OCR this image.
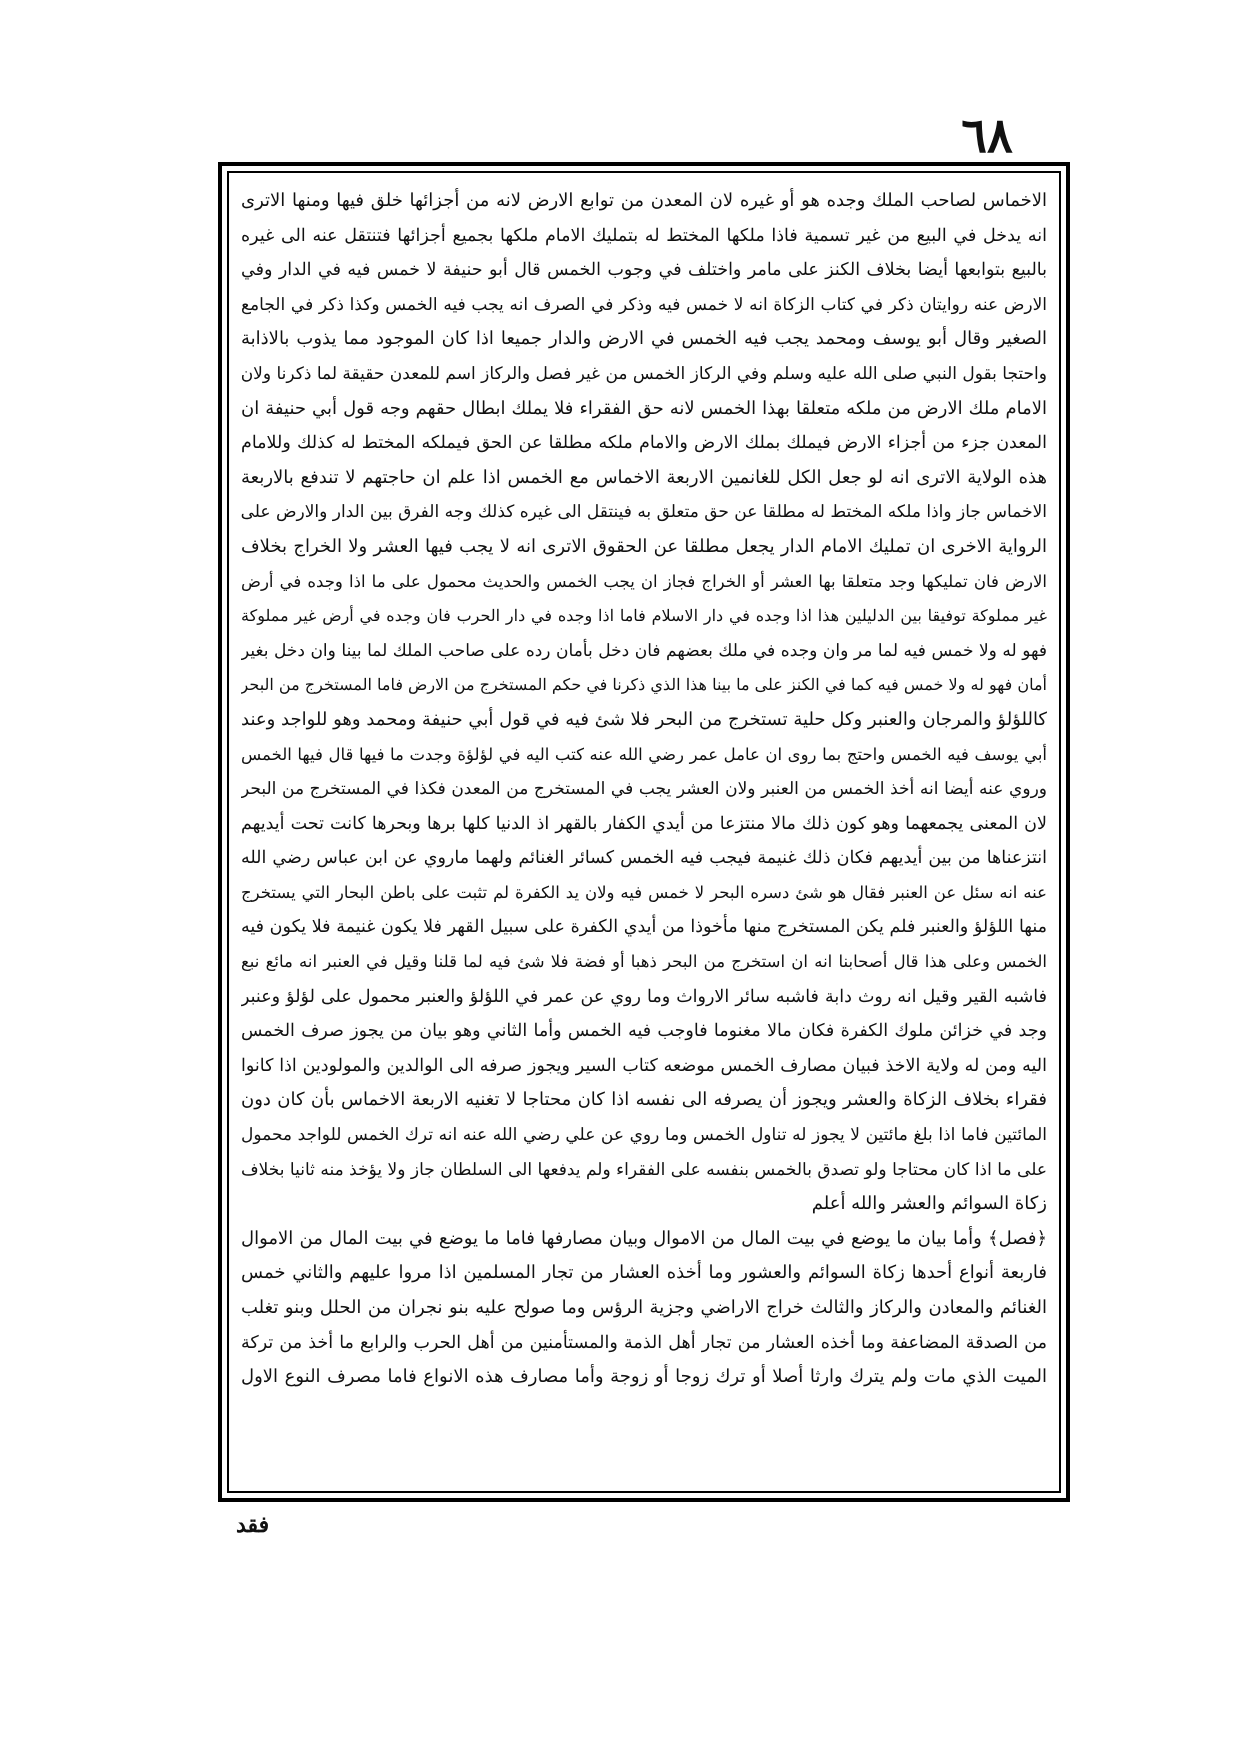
٦٨
الاخماس لصاحب الملك وجده هو أو غيره لان المعدن من توابع الارض لانه من أجزائها خلق فيها ومنها الاترى
انه يدخل في البيع من غير تسمية فاذا ملكها المختط له بتمليك الامام ملكها بجميع أجزائها فتنتقل عنه الى غيره
بالبيع بتوابعها أيضا بخلاف الكنز على مامر واختلف في وجوب الخمس قال أبو حنيفة لا خمس فيه في الدار وفي
الارض عنه روايتان ذكر في كتاب الزكاة انه لا خمس فيه وذكر في الصرف انه يجب فيه الخمس وكذا ذكر في الجامع
الصغير وقال أبو يوسف ومحمد يجب فيه الخمس في الارض والدار جميعا اذا كان الموجود مما يذوب بالاذابة
واحتجا بقول النبي صلى الله عليه وسلم وفي الركاز الخمس من غير فصل والركاز اسم للمعدن حقيقة لما ذكرنا ولان
الامام ملك الارض من ملكه متعلقا بهذا الخمس لانه حق الفقراء فلا يملك ابطال حقهم وجه قول أبي حنيفة ان
المعدن جزء من أجزاء الارض فيملك بملك الارض والامام ملكه مطلقا عن الحق فيملكه المختط له كذلك وللامام
هذه الولاية الاترى انه لو جعل الكل للغانمين الاربعة الاخماس مع الخمس اذا علم ان حاجتهم لا تندفع بالاربعة
الاخماس جاز واذا ملكه المختط له مطلقا عن حق متعلق به فينتقل الى غيره كذلك وجه الفرق بين الدار والارض على
الرواية الاخرى ان تمليك الامام الدار يجعل مطلقا عن الحقوق الاترى انه لا يجب فيها العشر ولا الخراج بخلاف
الارض فان تمليكها وجد متعلقا بها العشر أو الخراج فجاز ان يجب الخمس والحديث محمول على ما اذا وجده في أرض
غير مملوكة توفيقا بين الدليلين هذا اذا وجده في دار الاسلام فاما اذا وجده في دار الحرب فان وجده في أرض غير مملوكة
فهو له ولا خمس فيه لما مر وان وجده في ملك بعضهم فان دخل بأمان رده على صاحب الملك لما بينا وان دخل بغير
أمان فهو له ولا خمس فيه كما في الكنز على ما بينا هذا الذي ذكرنا في حكم المستخرج من الارض فاما المستخرج من البحر
كاللؤلؤ والمرجان والعنبر وكل حلية تستخرج من البحر فلا شئ فيه في قول أبي حنيفة ومحمد وهو للواجد وعند
أبي يوسف فيه الخمس واحتج بما روى ان عامل عمر رضي الله عنه كتب اليه في لؤلؤة وجدت ما فيها قال فيها الخمس
وروي عنه أيضا انه أخذ الخمس من العنبر ولان العشر يجب في المستخرج من المعدن فكذا في المستخرج من البحر
لان المعنى يجمعهما وهو كون ذلك مالا منتزعا من أيدي الكفار بالقهر اذ الدنيا كلها برها وبحرها كانت تحت أيديهم
انتزعناها من بين أيديهم فكان ذلك غنيمة فيجب فيه الخمس كسائر الغنائم ولهما ماروي عن ابن عباس رضي الله
عنه انه سئل عن العنبر فقال هو شئ دسره البحر لا خمس فيه ولان يد الكفرة لم تثبت على باطن البحار التي يستخرج
منها اللؤلؤ والعنبر فلم يكن المستخرج منها مأخوذا من أيدي الكفرة على سبيل القهر فلا يكون غنيمة فلا يكون فيه
الخمس وعلى هذا قال أصحابنا انه ان استخرج من البحر ذهبا أو فضة فلا شئ فيه لما قلنا وقيل في العنبر انه مائع نبع
فاشبه القير وقيل انه روث دابة فاشبه سائر الارواث وما روي عن عمر في اللؤلؤ والعنبر محمول على لؤلؤ وعنبر
وجد في خزائن ملوك الكفرة فكان مالا مغنوما فاوجب فيه الخمس وأما الثاني وهو بيان من يجوز صرف الخمس
اليه ومن له ولاية الاخذ فبيان مصارف الخمس موضعه كتاب السير ويجوز صرفه الى الوالدين والمولودين اذا كانوا
فقراء بخلاف الزكاة والعشر ويجوز أن يصرفه الى نفسه اذا كان محتاجا لا تغنيه الاربعة الاخماس بأن كان دون
المائتين فاما اذا بلغ مائتين لا يجوز له تناول الخمس وما روي عن علي رضي الله عنه انه ترك الخمس للواجد محمول
على ما اذا كان محتاجا ولو تصدق بالخمس بنفسه على الفقراء ولم يدفعها الى السلطان جاز ولا يؤخذ منه ثانيا بخلاف
زكاة السوائم والعشر والله أعلم
﴿فصل﴾ وأما بيان ما يوضع في بيت المال من الاموال وبيان مصارفها فاما ما يوضع في بيت المال من الاموال
فاربعة أنواع أحدها زكاة السوائم والعشور وما أخذه العشار من تجار المسلمين اذا مروا عليهم والثاني خمس
الغنائم والمعادن والركاز والثالث خراج الاراضي وجزية الرؤس وما صولح عليه بنو نجران من الحلل وبنو تغلب
من الصدقة المضاعفة وما أخذه العشار من تجار أهل الذمة والمستأمنين من أهل الحرب والرابع ما أخذ من تركة
الميت الذي مات ولم يترك وارثا أصلا أو ترك زوجا أو زوجة وأما مصارف هذه الانواع فاما مصرف النوع الاول
فقد
